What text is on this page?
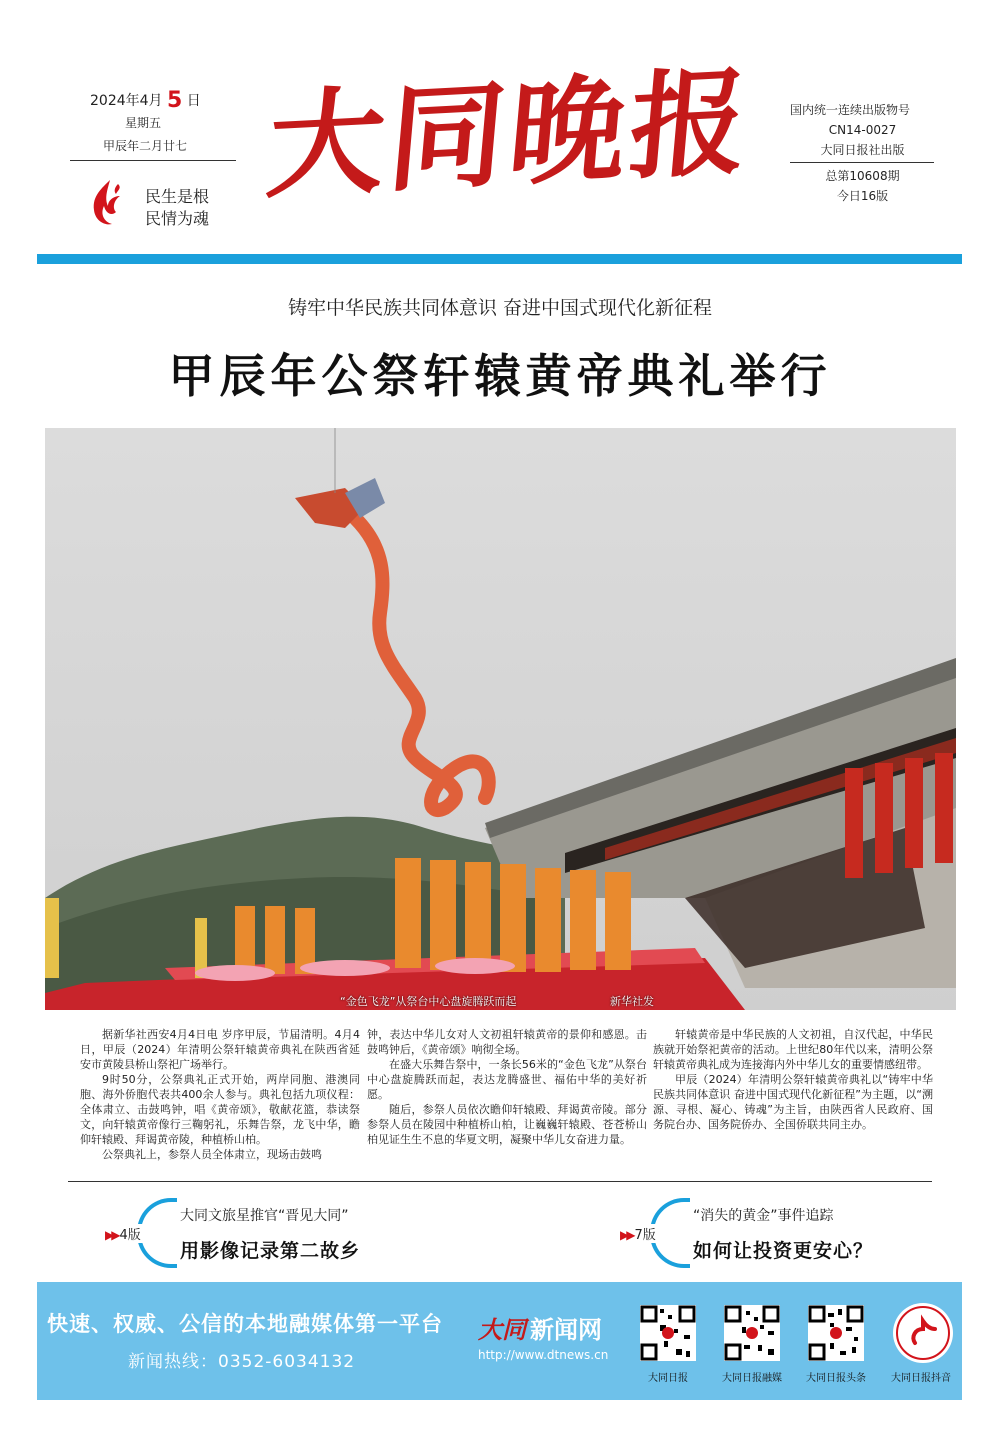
2024年4月 5 日
星期五
甲辰年二月廿七
民生是根
民情为魂
大同晚报	国内统一连续出版物号
CN14-0027
大同日报社出版
总第10608期
今日16版
铸牢中华民族共同体意识 奋进中国式现代化新征程
甲辰年公祭轩辕黄帝典礼举行
“金色飞龙”从祭台中心盘旋腾跃而起	新华社发

据新华社西安4月4日电 岁序甲辰，节届清明。4月4日，甲辰（2024）年清明公祭轩辕黄帝典礼在陕西省延安市黄陵县桥山祭祀广场举行。

9时50分，公祭典礼正式开始，两岸同胞、港澳同胞、海外侨胞代表共400余人参与。典礼包括九项仪程：全体肃立、击鼓鸣钟，唱《黄帝颂》，敬献花篮，恭读祭文，向轩辕黄帝像行三鞠躬礼，乐舞告祭，龙飞中华，瞻仰轩辕殿、拜谒黄帝陵，种植桥山柏。

公祭典礼上，参祭人员全体肃立，现场击鼓鸣

钟，表达中华儿女对人文初祖轩辕黄帝的景仰和感恩。击鼓鸣钟后，《黄帝颂》响彻全场。

在盛大乐舞告祭中，一条长56米的“金色飞龙”从祭台中心盘旋腾跃而起，表达龙腾盛世、福佑中华的美好祈愿。

随后，参祭人员依次瞻仰轩辕殿、拜谒黄帝陵。部分参祭人员在陵园中种植桥山柏，让巍巍轩辕殿、苍苍桥山柏见证生生不息的华夏文明，凝聚中华儿女奋进力量。

轩辕黄帝是中华民族的人文初祖，自汉代起，中华民族就开始祭祀黄帝的活动。上世纪80年代以来，清明公祭轩辕黄帝典礼成为连接海内外中华儿女的重要情感纽带。

甲辰（2024）年清明公祭轩辕黄帝典礼以“铸牢中华民族共同体意识 奋进中国式现代化新征程”为主题，以“溯源、寻根、凝心、铸魂”为主旨，由陕西省人民政府、国务院台办、国务院侨办、全国侨联共同主办。

▶▶ 4版
大同文旅星推官“晋见大同”
用影像记录第二故乡
▶▶ 7版
“消失的黄金”事件追踪
如何让投资更安心？
快速、权威、公信的本地融媒体第一平台
新闻热线：0352-6034132
大同 新闻网
http://www.dtnews.cn
大同日报	大同日报融媒	大同日报头条	大同日报抖音
